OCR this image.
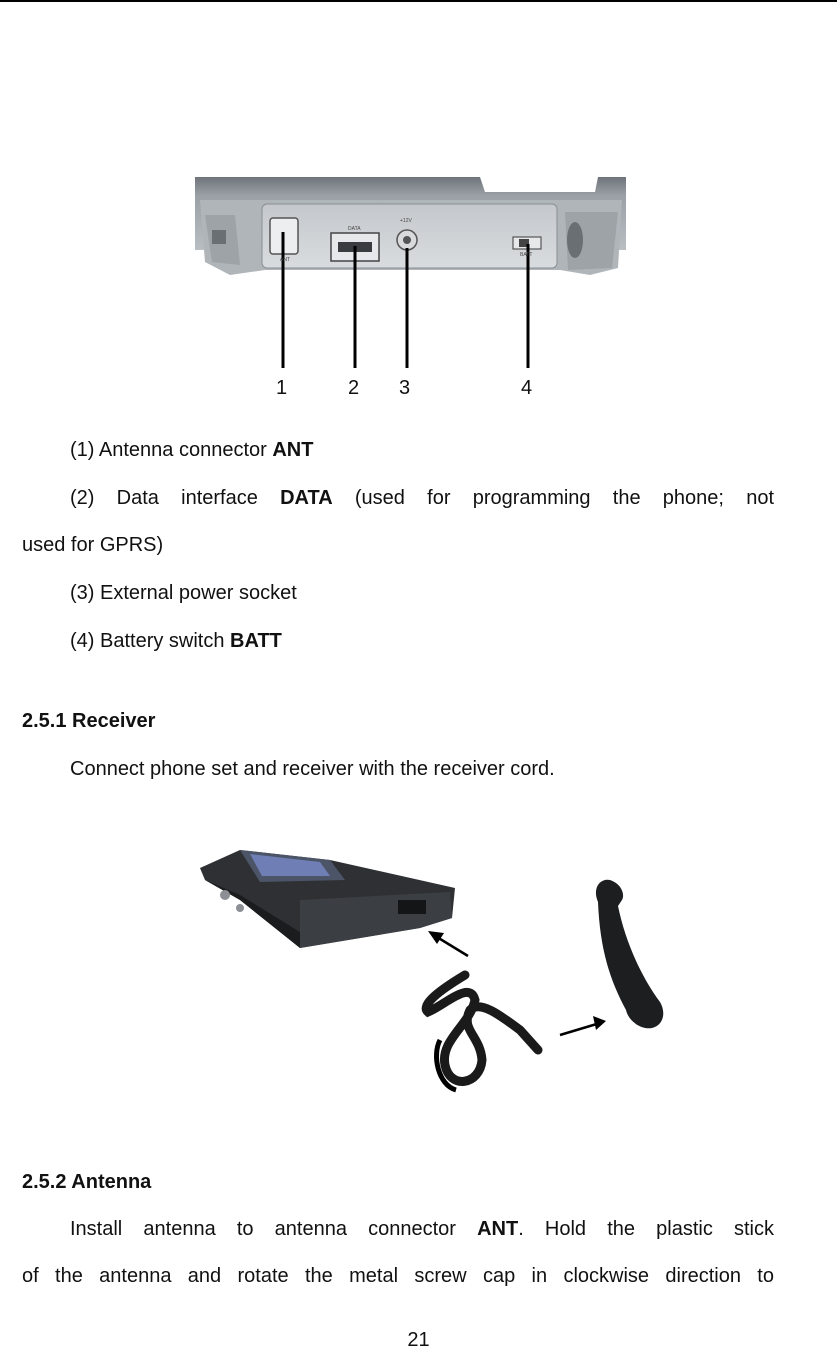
ANT
DATA
+12V
BATT
1	2 3	4
(1) Antenna connector ANT
(2) Data interface DATA (used for programming the phone; not
used for GPRS)
(3) External power socket
(4) Battery switch BATT
2.5.1 Receiver
Connect phone set and receiver with the receiver cord.
2.5.2 Antenna
Install antenna to antenna connector ANT. Hold the plastic stick
of the antenna and rotate the metal screw cap in clockwise direction to
21
